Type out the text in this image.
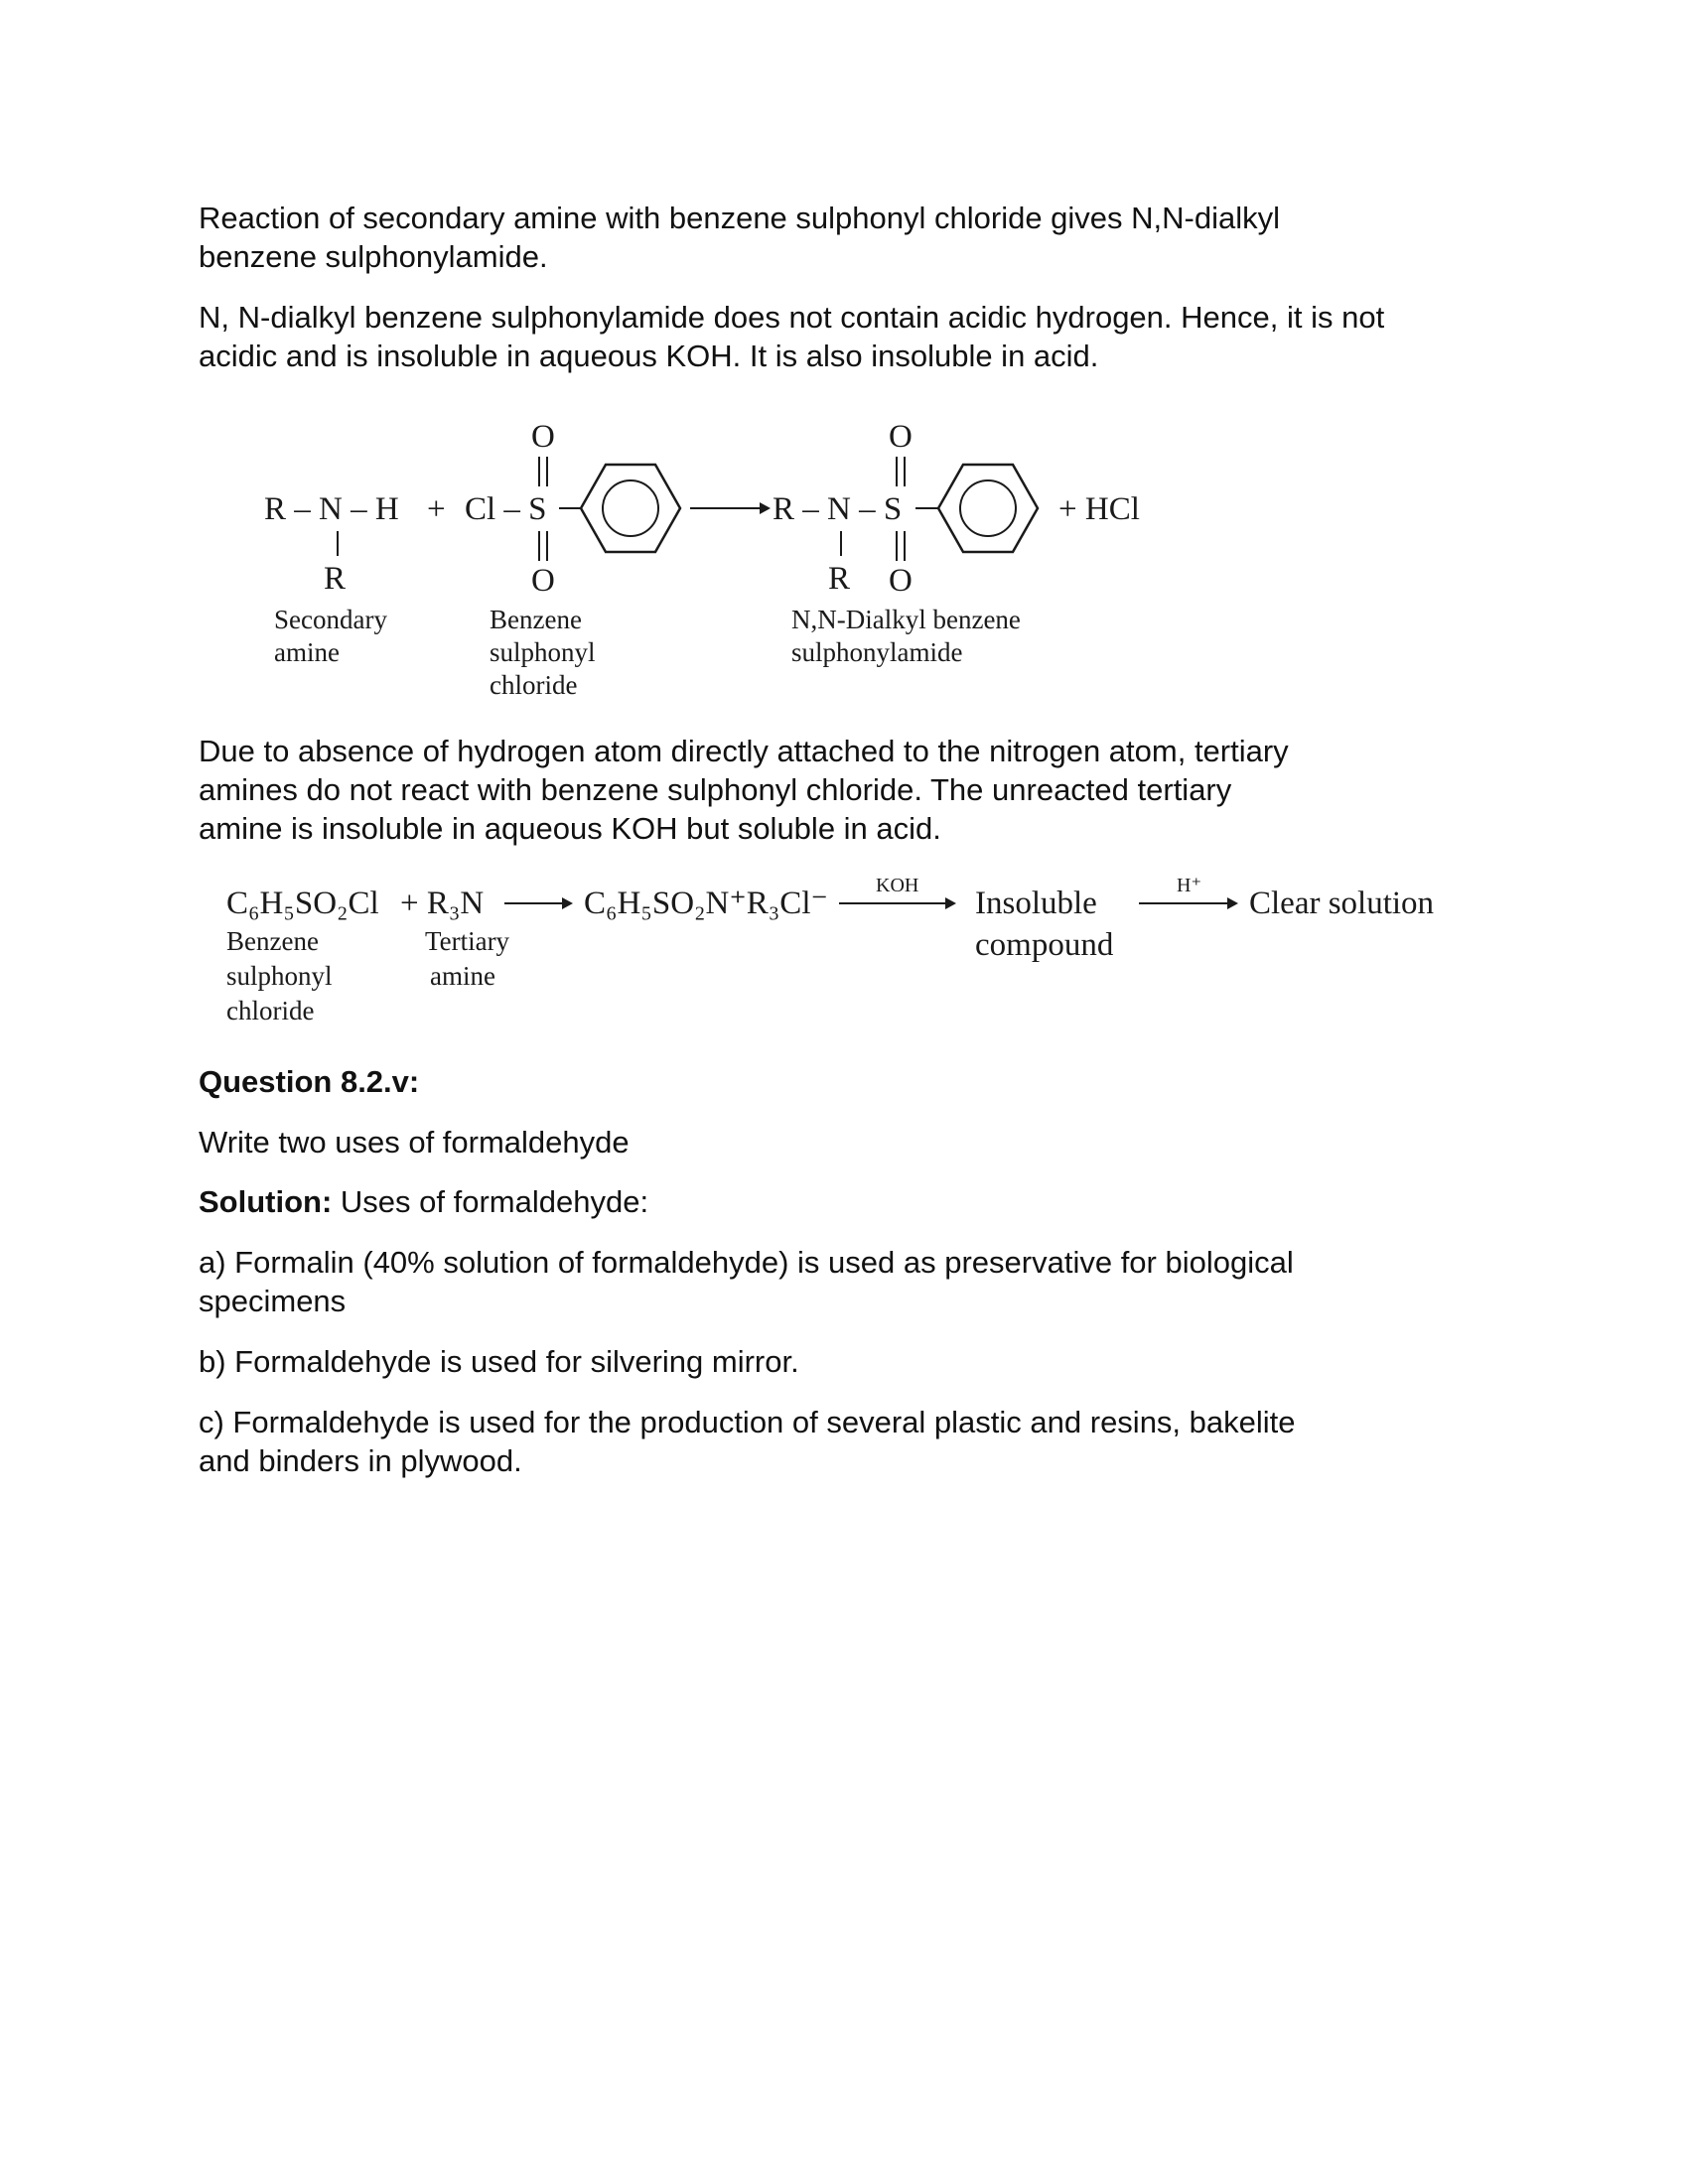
Reaction of secondary amine with benzene sulphonyl chloride gives N,N-dialkyl
benzene sulphonylamide.

N, N-dialkyl benzene sulphonylamide does not contain acidic hydrogen. Hence, it is not
acidic and is insoluble in aqueous KOH. It is also insoluble in acid.

R – N – H
R
+ Cl – S
O
O
R – N – S
R
O
O
+ HCl
Secondary amine
Benzene sulphonyl chloride
N,N-Dialkyl benzene sulphonylamide

Due to absence of hydrogen atom directly attached to the nitrogen atom, tertiary
amines do not react with benzene sulphonyl chloride. The unreacted tertiary
amine is insoluble in aqueous KOH but soluble in acid.

C₆H₅SO₂Cl + R₃N	C₆H₅SO₂N⁺R₃Cl⁻ KOH Insoluble
compound
H⁺ Clear solution
Benzene sulphonyl chloride
Tertiary amine

Question 8.2.v:

Write two uses of formaldehyde

Solution: Uses of formaldehyde:

a) Formalin (40% solution of formaldehyde) is used as preservative for biological
specimens

b) Formaldehyde is used for silvering mirror.

c) Formaldehyde is used for the production of several plastic and resins, bakelite
and binders in plywood.
